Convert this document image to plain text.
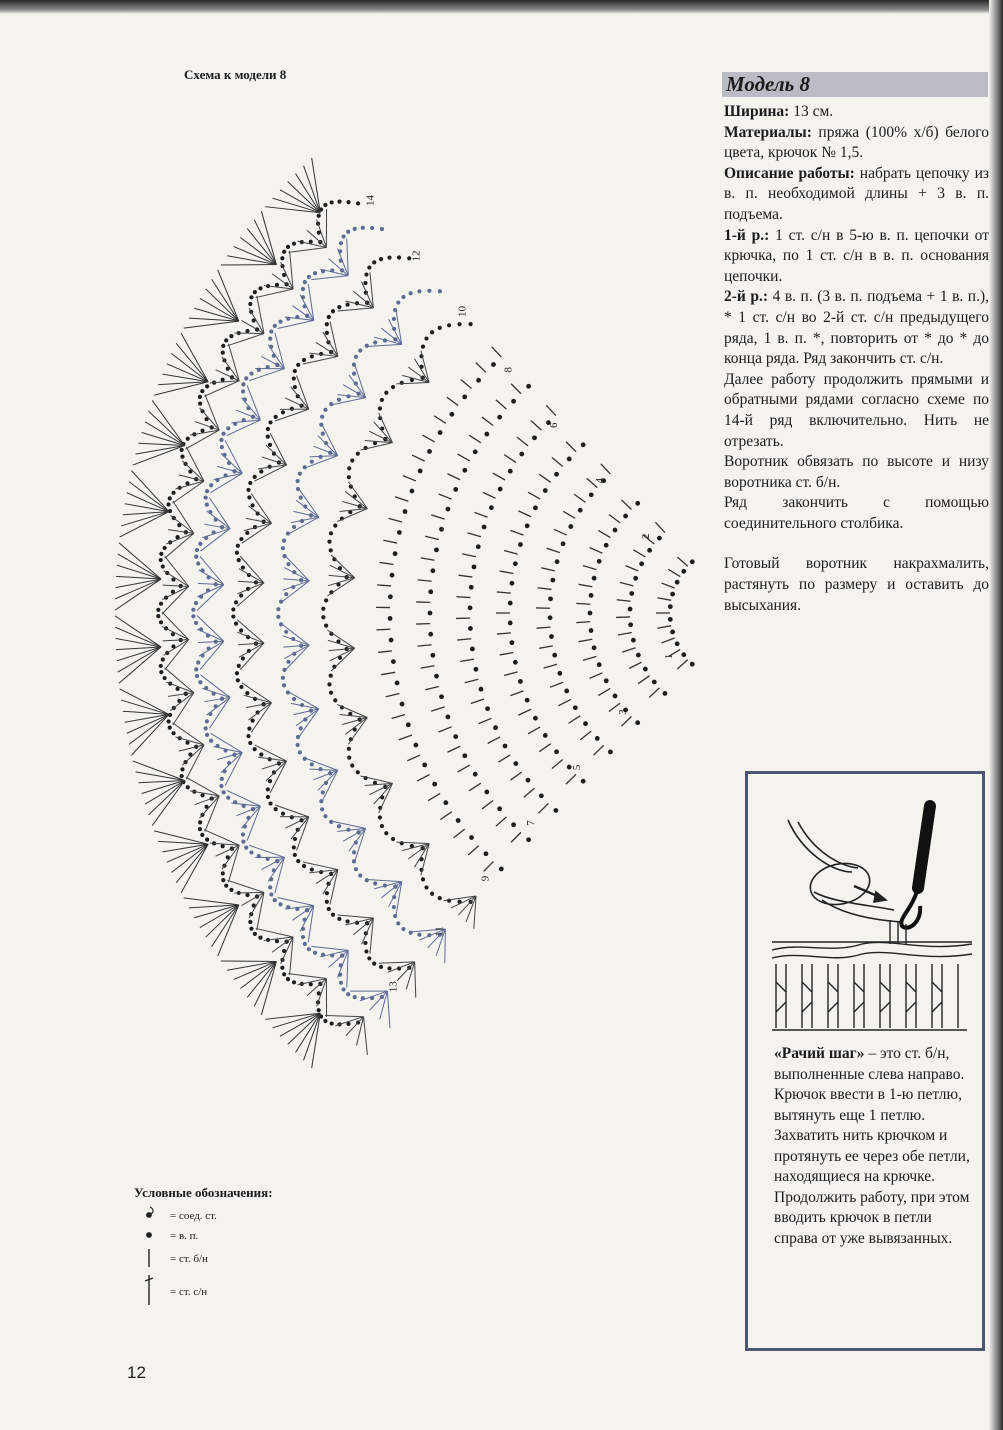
Схема к модели 8
1
2
3
4
5
6
7
8
9
10
11
12
13
14
Модель 8

Ширина: 13 см.

Материалы: пряжа (100% х/б) белого цвета, крючок № 1,5.

Описание работы: набрать цепочку из в. п. необходимой длины + 3 в. п. подъема.

1-й р.: 1 ст. с/н в 5-ю в. п. цепочки от крючка, по 1 ст. с/н в в. п. основания цепочки.

2-й р.: 4 в. п. (3 в. п. подъема + 1 в. п.), * 1 ст. с/н во 2-й ст. с/н предыдущего ряда, 1 в. п. *, повторить от * до * до конца ряда. Ряд закончить ст. с/н.

Далее работу продолжить прямыми и обратными рядами согласно схеме по 14-й ряд включительно. Нить не отрезать.

Воротник обвязать по высоте и низу воротника ст. б/н.

Ряд закончить с помощью соединительного столбика.

Готовый воротник накрахмалить, растянуть по размеру и оставить до высыхания.

«Рачий шаг» – это ст. б/н, выполненные слева направо.
Крючок ввести в 1-ю петлю, вытянуть еще 1 петлю. Захватить нить крючком и протянуть ее через обе петли, находящиеся на крючке.
Продолжить работу, при этом вводить крючок в петли справа от уже вывязанных.
Условные обозначения:
= соед. ст.
= в. п.
= ст. б/н
= ст. с/н
12
